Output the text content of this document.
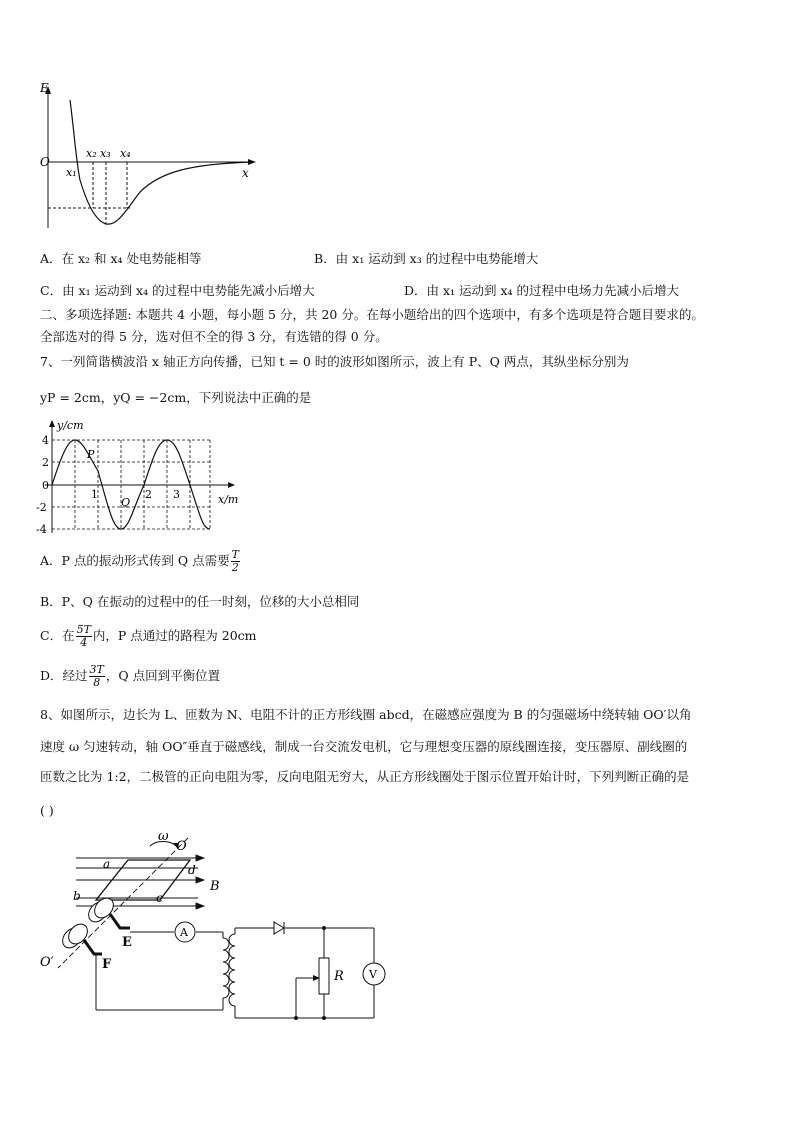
E
O
x
x₁
x₂ x₃ x₄
A．在 x₂ 和 x₄ 处电势能相等	B．由 x₁ 运动到 x₃ 的过程中电势能增大
C．由 x₁ 运动到 x₄ 的过程中电势能先减小后增大	D．由 x₁ 运动到 x₄ 的过程中电场力先减小后增大
二、多项选择题: 本题共 4 小题，每小题 5 分，共 20 分。在每小题给出的四个选项中，有多个选项是符合题目要求的。
全部选对的得 5 分，选对但不全的得 3 分，有选错的得 0 分。
7、一列简谐横波沿 x 轴正方向传播，已知 t = 0 时的波形如图所示，波上有 P、Q 两点，其纵坐标分别为
yP = 2cm，yQ = −2cm，下列说法中正确的是
y/cm
x/m
4
2
0
-2
-4
1	2 3
P
Q
A．P 点的振动形式传到 Q 点需要 $\frac{T}{2}$
B．P、Q 在振动的过程中的任一时刻，位移的大小总相同
C．在 $\frac{5T}{4}$ 内，P 点通过的路程为 20cm
D．经过 $\frac{3T}{8}$ ，Q 点回到平衡位置
8、如图所示，边长为 L、匝数为 N、电阻不计的正方形线圈 abcd，在磁感应强度为 B 的匀强磁场中绕转轴 OO′以角
速度 ω 匀速转动，轴 OO″垂直于磁感线，制成一台交流发电机，它与理想变压器的原线圈连接，变压器原、副线圈的
匝数之比为 1:2，二极管的正向电阻为零，反向电阻无穷大，从正方形线圈处于图示位置开始计时，下列判断正确的是
( )
ω
O
a	d
B
b	c
E
F
A
O′
R V
